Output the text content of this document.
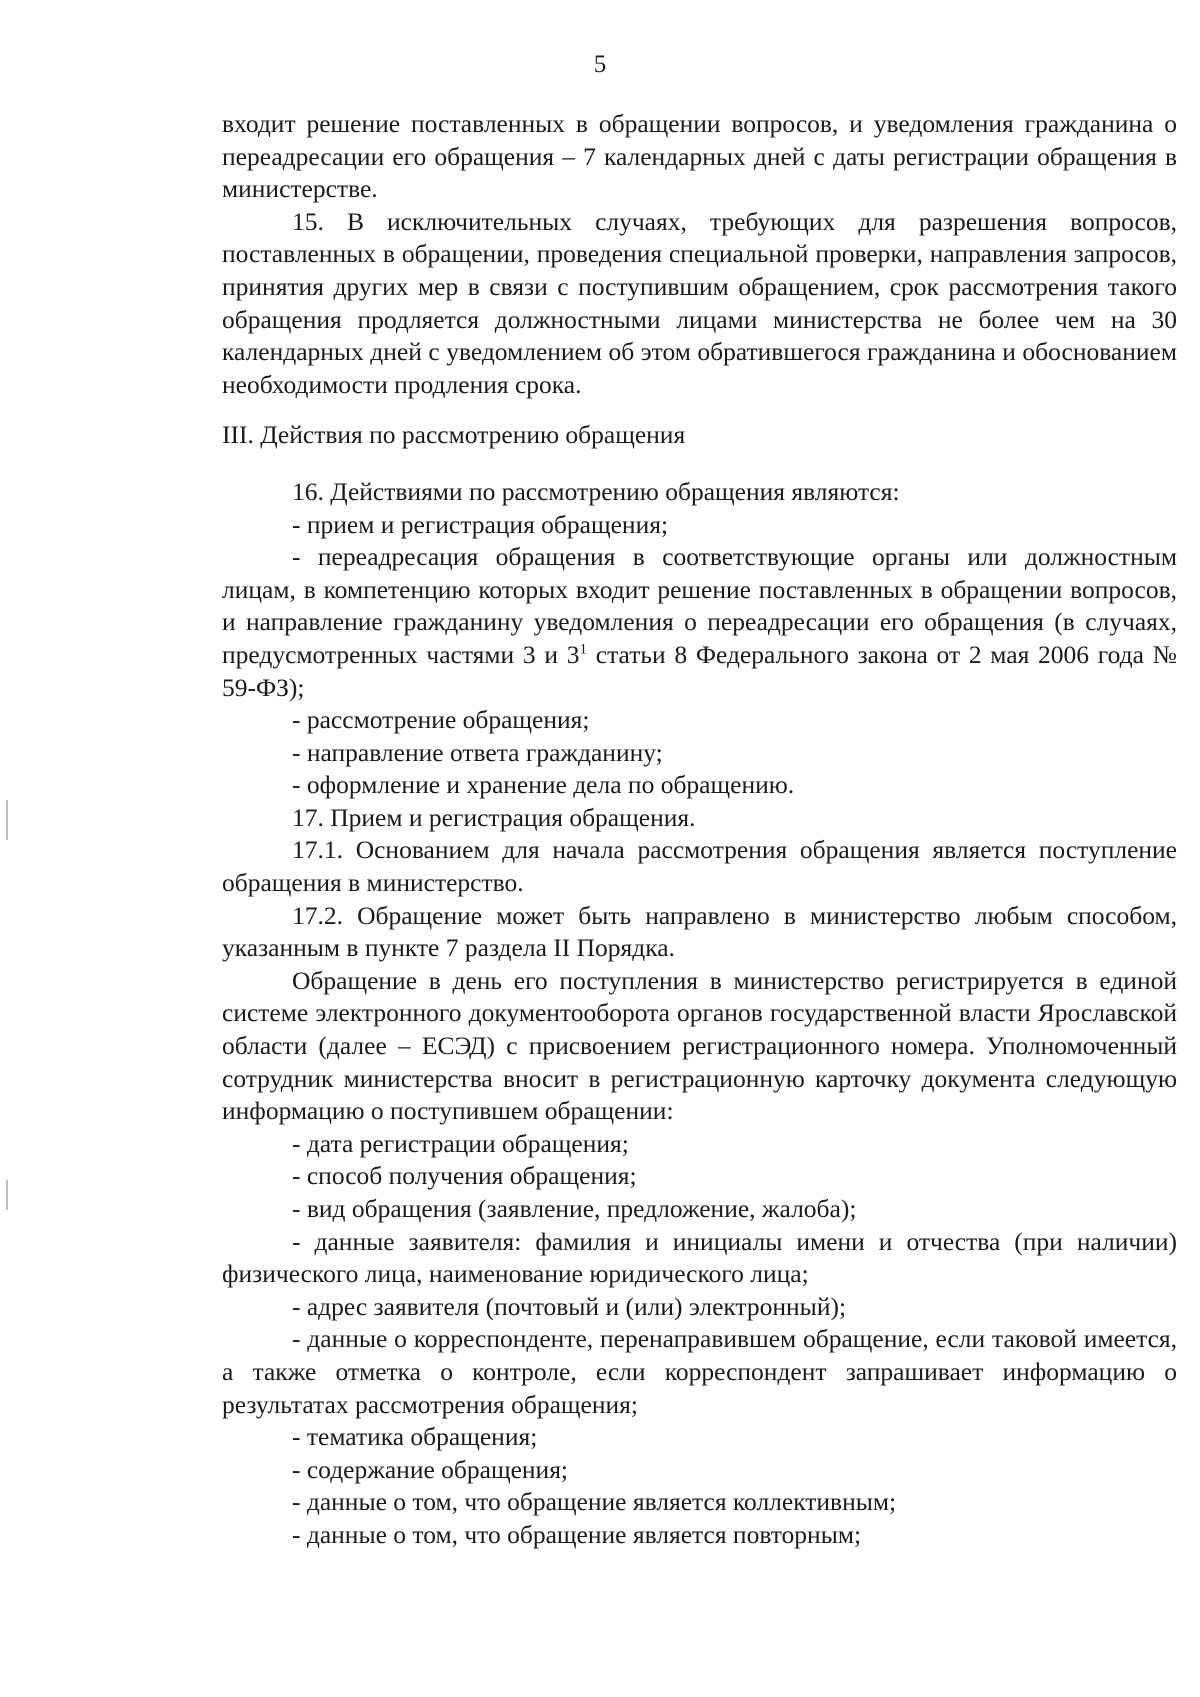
5

входит решение поставленных в обращении вопросов, и уведомления гражданина о переадресации его обращения – 7 календарных дней с даты регистрации обращения в министерстве.

15. В исключительных случаях, требующих для разрешения вопросов, поставленных в обращении, проведения специальной проверки, направления запросов, принятия других мер в связи с поступившим обращением, срок рассмотрения такого обращения продляется должностными лицами министерства не более чем на 30 календарных дней с уведомлением об этом обратившегося гражданина и обоснованием необходимости продления срока.

III. Действия по рассмотрению обращения

16. Действиями по рассмотрению обращения являются:

- прием и регистрация обращения;

- переадресация обращения в соответствующие органы или должностным лицам, в компетенцию которых входит решение поставленных в обращении вопросов, и направление гражданину уведомления о переадресации его обращения (в случаях, предусмотренных частями 3 и $3^1$ статьи 8 Федерального закона от 2 мая 2006 года № 59-ФЗ);

- рассмотрение обращения;

- направление ответа гражданину;

- оформление и хранение дела по обращению.

17. Прием и регистрация обращения.

17.1. Основанием для начала рассмотрения обращения является поступление обращения в министерство.

17.2. Обращение может быть направлено в министерство любым способом, указанным в пункте 7 раздела II Порядка.

Обращение в день его поступления в министерство регистрируется в единой системе электронного документооборота органов государственной власти Ярославской области (далее – ЕСЭД) с присвоением регистрационного номера. Уполномоченный сотрудник министерства вносит в регистрационную карточку документа следующую информацию о поступившем обращении:

- дата регистрации обращения;

- способ получения обращения;

- вид обращения (заявление, предложение, жалоба);

- данные заявителя: фамилия и инициалы имени и отчества (при наличии) физического лица, наименование юридического лица;

- адрес заявителя (почтовый и (или) электронный);

- данные о корреспонденте, перенаправившем обращение, если таковой имеется, а также отметка о контроле, если корреспондент запрашивает информацию о результатах рассмотрения обращения;

- тематика обращения;

- содержание обращения;

- данные о том, что обращение является коллективным;

- данные о том, что обращение является повторным;
